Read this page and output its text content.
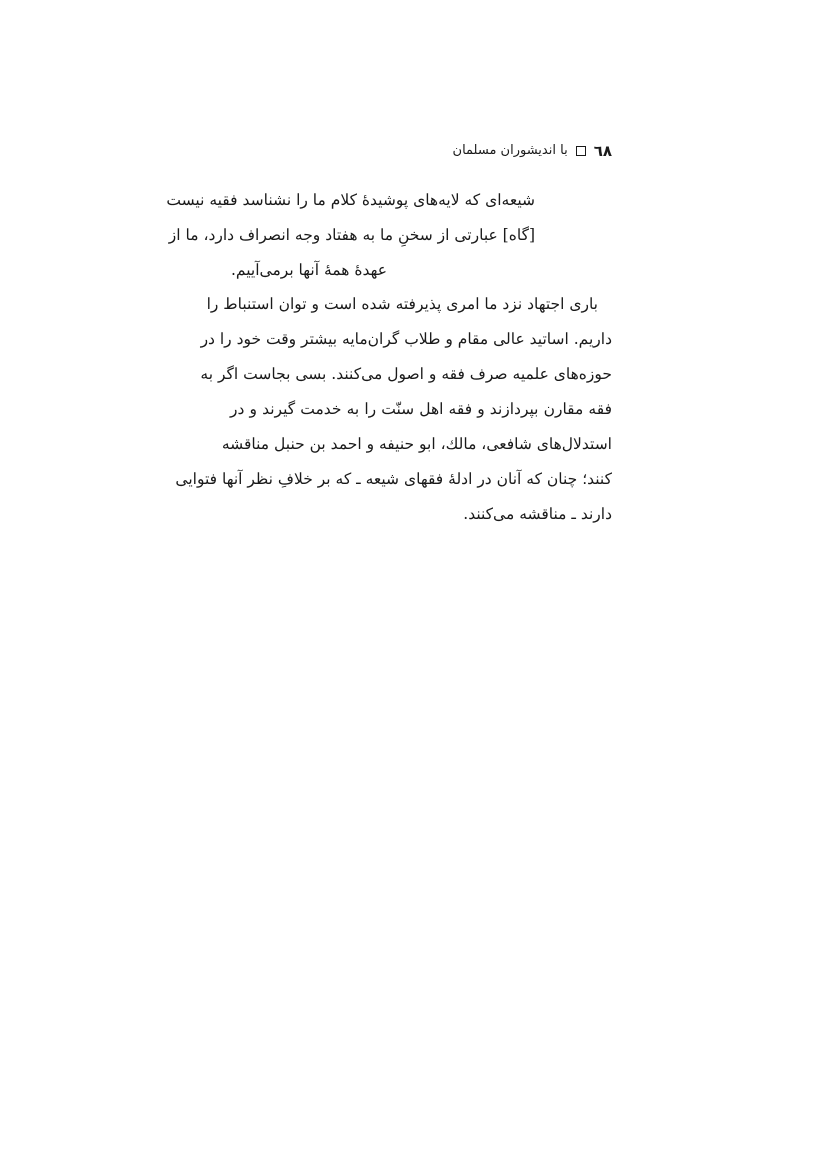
٦٨
با اندیشوران مسلمان
شیعه‌ای که لایه‌های پوشیدهٔ کلام ما را نشناسد فقیه نیست
[گاه] عبارتی از سخنِ ما به هفتاد وجه انصراف دارد، ما از
عهدهٔ همهٔ آنها برمی‌آییم.
باری اجتهاد نزد ما امری پذیرفته شده است و توان استنباط را
داریم. اساتید عالی مقام و طلاب گران‌مایه بیشتر وقت خود را در
حوزه‌های علمیه صرف فقه و اصول می‌کنند. بسی بجاست اگر به
فقه مقارن بپردازند و فقه اهل سنّت را به خدمت گیرند و در
استدلال‌های شافعی، مالك، ابو حنیفه و احمد بن حنبل مناقشه
کنند؛ چنان که آنان در ادلهٔ فقهای شیعه ـ که بر خلافِ نظر آنها فتوایی
دارند ـ مناقشه می‌کنند.
